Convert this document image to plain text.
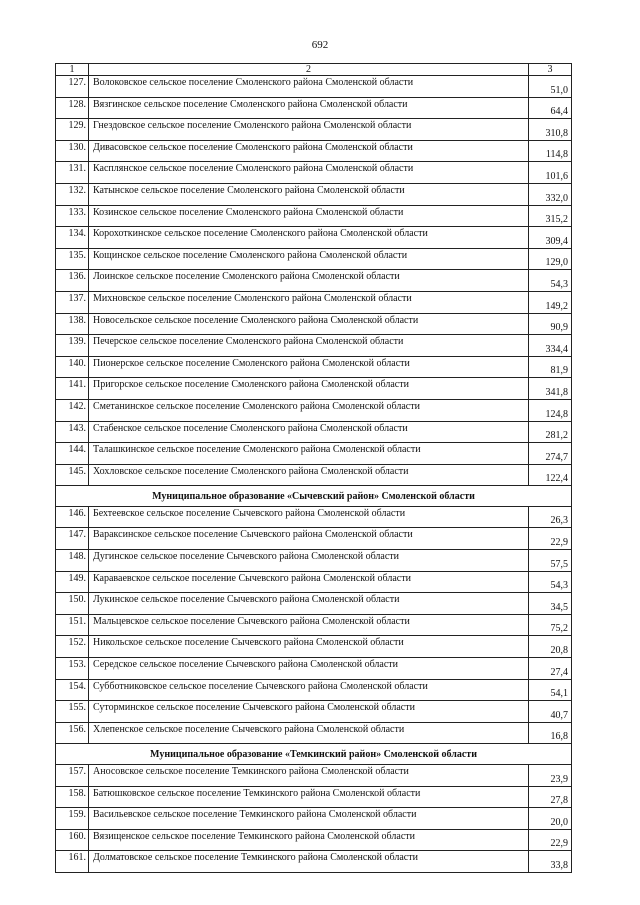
692
1	2	3
127.	Волоковское сельское поселение Смоленского района Смоленской области	51,0
128.	Вязгинское сельское поселение Смоленского района Смоленской области	64,4
129.	Гнездовское сельское поселение Смоленского района Смоленской области	310,8
130.	Дивасовское сельское поселение Смоленского района Смоленской области	114,8
131.	Касплянское сельское поселение Смоленского района Смоленской области	101,6
132.	Катынское сельское поселение Смоленского района Смоленской области	332,0
133.	Козинское сельское поселение Смоленского района Смоленской области	315,2
134.	Корохоткинское сельское поселение Смоленского района Смоленской области	309,4
135.	Кощинское сельское поселение Смоленского района Смоленской области	129,0
136.	Лоинское сельское поселение Смоленского района Смоленской области	54,3
137.	Михновское сельское поселение Смоленского района Смоленской области	149,2
138.	Новосельское сельское поселение Смоленского района Смоленской области	90,9
139.	Печерское сельское поселение Смоленского района Смоленской области	334,4
140.	Пионерское сельское поселение Смоленского района Смоленской области	81,9
141.	Пригорское сельское поселение Смоленского района Смоленской области	341,8
142.	Сметанинское сельское поселение Смоленского района Смоленской области	124,8
143.	Стабенское сельское поселение Смоленского района Смоленской области	281,2
144.	Талашкинское сельское поселение Смоленского района Смоленской области	274,7
145.	Хохловское сельское поселение Смоленского района Смоленской области	122,4
Муниципальное образование «Сычевский район» Смоленской области		
146.	Бехтеевское сельское поселение Сычевского района Смоленской области	26,3
147.	Вараксинское сельское поселение Сычевского района Смоленской области	22,9
148.	Дугинское сельское поселение Сычевского района Смоленской области	57,5
149.	Караваевское сельское поселение Сычевского района Смоленской области	54,3
150.	Лукинское сельское поселение Сычевского района Смоленской области	34,5
151.	Мальцевское сельское поселение Сычевского района Смоленской области	75,2
152.	Никольское сельское поселение Сычевского района Смоленской области	20,8
153.	Середское сельское поселение Сычевского района Смоленской области	27,4
154.	Субботниковское сельское поселение Сычевского района Смоленской области	54,1
155.	Суторминское сельское поселение Сычевского района Смоленской области	40,7
156.	Хлепенское сельское поселение Сычевского района Смоленской области	16,8
Муниципальное образование «Темкинский район» Смоленской области		
157.	Аносовское сельское поселение Темкинского района Смоленской области	23,9
158.	Батюшковское сельское поселение Темкинского района Смоленской области	27,8
159.	Васильевское сельское поселение Темкинского района Смоленской области	20,0
160.	Вязищенское сельское поселение Темкинского района Смоленской области	22,9
161.	Долматовское сельское поселение Темкинского района Смоленской области	33,8
